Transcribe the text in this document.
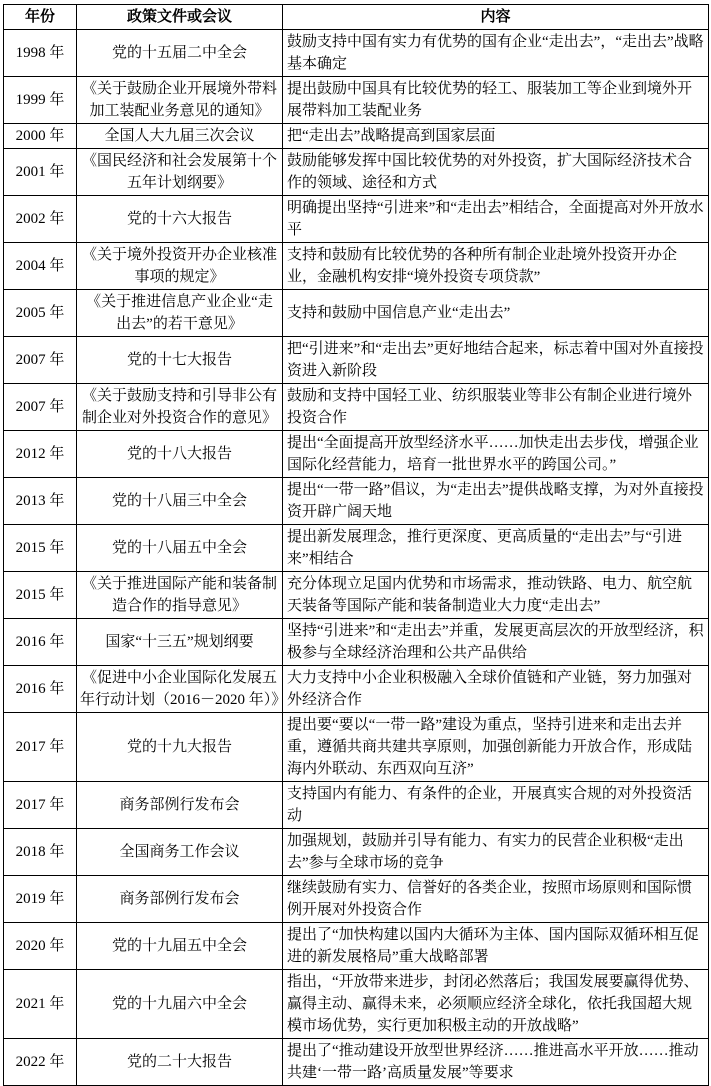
年份	政策文件或会议	内容
1998 年	党的十五届二中全会	鼓励支持中国有实力有优势的国有企业“走出去”，“走出去”战略基本确定
1999 年	《关于鼓励企业开展境外带料加工装配业务意见的通知》	提出鼓励中国具有比较优势的轻工、服装加工等企业到境外开展带料加工装配业务
2000 年	全国人大九届三次会议	把“走出去”战略提高到国家层面
2001 年	《国民经济和社会发展第十个五年计划纲要》	鼓励能够发挥中国比较优势的对外投资，扩大国际经济技术合作的领域、途径和方式
2002 年	党的十六大报告	明确提出坚持“引进来”和“走出去”相结合，全面提高对外开放水平
2004 年	《关于境外投资开办企业核准事项的规定》	支持和鼓励有比较优势的各种所有制企业赴境外投资开办企业，金融机构安排“境外投资专项贷款”
2005 年	《关于推进信息产业企业“走出去”的若干意见》	支持和鼓励中国信息产业“走出去”
2007 年	党的十七大报告	把“引进来”和“走出去”更好地结合起来，标志着中国对外直接投资进入新阶段
2007 年	《关于鼓励支持和引导非公有制企业对外投资合作的意见》	鼓励和支持中国轻工业、纺织服装业等非公有制企业进行境外投资合作
2012 年	党的十八大报告	提出“全面提高开放型经济水平……加快走出去步伐，增强企业国际化经营能力，培育一批世界水平的跨国公司。”
2013 年	党的十八届三中全会	提出“一带一路”倡议，为“走出去”提供战略支撑，为对外直接投资开辟广阔天地
2015 年	党的十八届五中全会	提出新发展理念，推行更深度、更高质量的“走出去”与“引进来”相结合
2015 年	《关于推进国际产能和装备制造合作的指导意见》	充分体现立足国内优势和市场需求，推动铁路、电力、航空航天装备等国际产能和装备制造业大力度“走出去”
2016 年	国家“十三五”规划纲要	坚持“引进来”和“走出去”并重，发展更高层次的开放型经济，积极参与全球经济治理和公共产品供给
2016 年	《促进中小企业国际化发展五年行动计划（2016－2020 年）》	大力支持中小企业积极融入全球价值链和产业链，努力加强对外经济合作
2017 年	党的十九大报告	提出要“要以“一带一路”建设为重点，坚持引进来和走出去并重，遵循共商共建共享原则，加强创新能力开放合作，形成陆海内外联动、东西双向互济”
2017 年	商务部例行发布会	支持国内有能力、有条件的企业，开展真实合规的对外投资活动
2018 年	全国商务工作会议	加强规划，鼓励并引导有能力、有实力的民营企业积极“走出去”参与全球市场的竞争
2019 年	商务部例行发布会	继续鼓励有实力、信誉好的各类企业，按照市场原则和国际惯例开展对外投资合作
2020 年	党的十九届五中全会	提出了“加快构建以国内大循环为主体、国内国际双循环相互促进的新发展格局”重大战略部署
2021 年	党的十九届六中全会	指出，“开放带来进步，封闭必然落后；我国发展要赢得优势、赢得主动、赢得未来，必须顺应经济全球化，依托我国超大规模市场优势，实行更加积极主动的开放战略”
2022 年	党的二十大报告	提出了“推动建设开放型世界经济……推进高水平开放……推动共建‘一带一路’高质量发展”等要求
